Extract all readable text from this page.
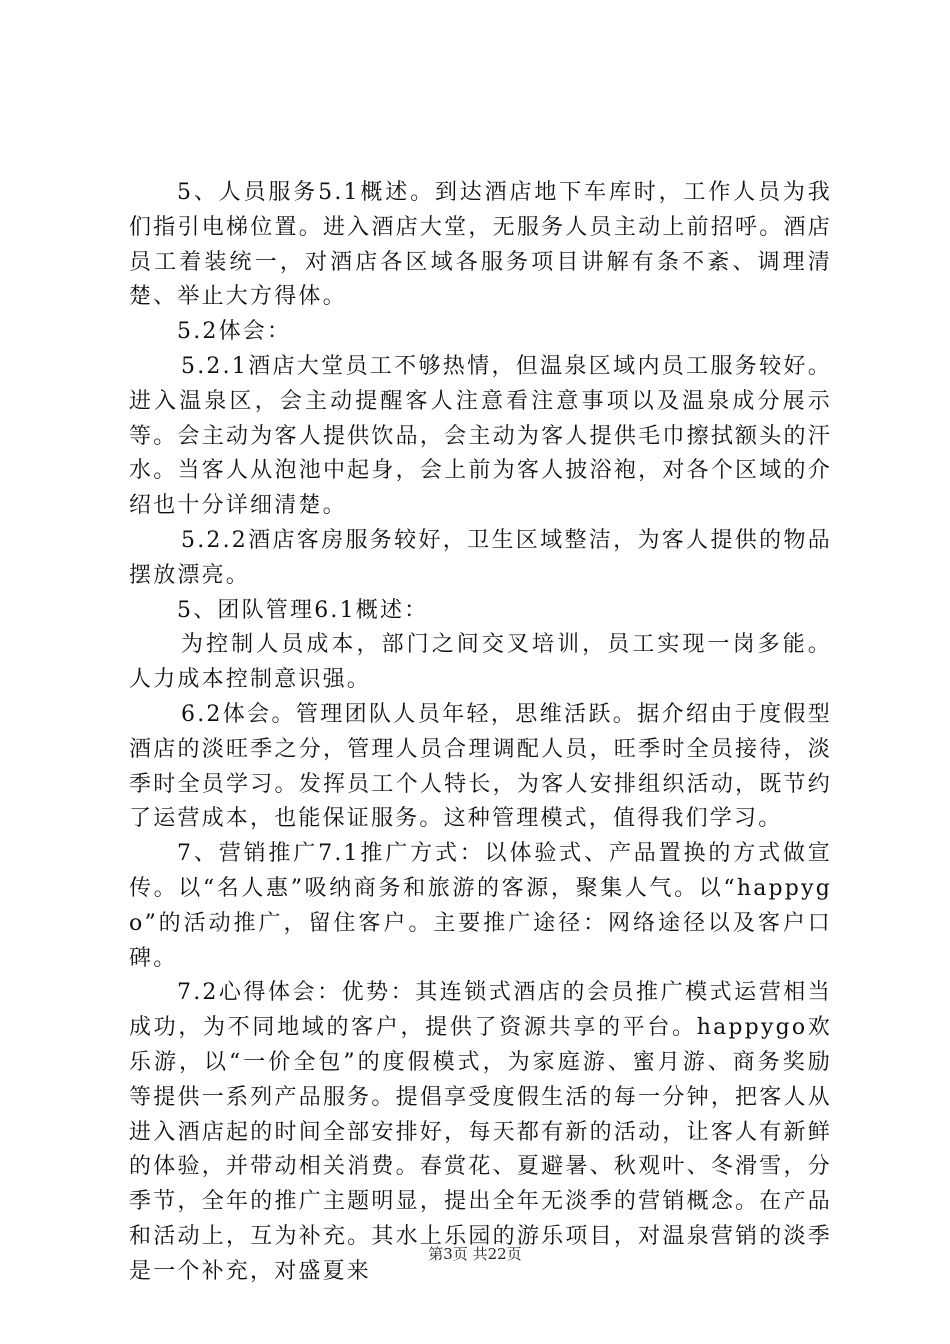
5、人员服务5.1概述。到达酒店地下车库时，工作人员为我们指引电梯位置。进入酒店大堂，无服务人员主动上前招呼。酒店员工着装统一，对酒店各区域各服务项目讲解有条不紊、调理清楚、举止大方得体。

5.2体会：

5.2.1酒店大堂员工不够热情，但温泉区域内员工服务较好。进入温泉区，会主动提醒客人注意看注意事项以及温泉成分展示等。会主动为客人提供饮品，会主动为客人提供毛巾擦拭额头的汗水。当客人从泡池中起身，会上前为客人披浴袍，对各个区域的介绍也十分详细清楚。

5.2.2酒店客房服务较好，卫生区域整洁，为客人提供的物品摆放漂亮。

5、团队管理6.1概述：

为控制人员成本，部门之间交叉培训，员工实现一岗多能。人力成本控制意识强。

6.2体会。管理团队人员年轻，思维活跃。据介绍由于度假型酒店的淡旺季之分，管理人员合理调配人员，旺季时全员接待，淡季时全员学习。发挥员工个人特长，为客人安排组织活动，既节约了运营成本，也能保证服务。这种管理模式，值得我们学习。

7、营销推广7.1推广方式：以体验式、产品置换的方式做宣传。以“名人惠”吸纳商务和旅游的客源，聚集人气。以“happygo”的活动推广，留住客户。主要推广途径：网络途径以及客户口碑。

7.2心得体会：优势：其连锁式酒店的会员推广模式运营相当成功，为不同地域的客户，提供了资源共享的平台。happygo欢乐游，以“一价全包”的度假模式，为家庭游、蜜月游、商务奖励等提供一系列产品服务。提倡享受度假生活的每一分钟，把客人从进入酒店起的时间全部安排好，每天都有新的活动，让客人有新鲜的体验，并带动相关消费。春赏花、夏避暑、秋观叶、冬滑雪，分季节，全年的推广主题明显，提出全年无淡季的营销概念。在产品和活动上，互为补充。其水上乐园的游乐项目，对温泉营销的淡季是一个补充，对盛夏来

第3页 共22页
